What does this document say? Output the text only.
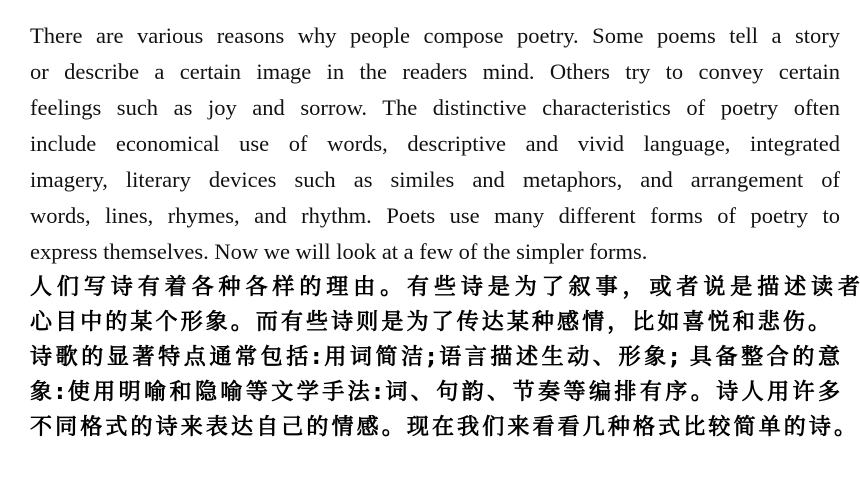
There are various reasons why people compose poetry. Some poems tell a story
or describe a certain image in the readers mind. Others try to convey certain
feelings such as joy and sorrow. The distinctive characteristics of poetry often
include economical use of words, descriptive and vivid language, integrated
imagery, literary devices such as similes and metaphors, and arrangement of
words, lines, rhymes, and rhythm. Poets use many different forms of poetry to
express themselves. Now we will look at a few of the simpler forms.
人们写诗有着各种各样的理由。有些诗是为了叙事，或者说是描述读者
心目中的某个形象。而有些诗则是为了传达某种感情，比如喜悦和悲伤。
诗歌的显著特点通常包括:用词简洁;语言描述生动、形象; 具备整合的意
象:使用明喻和隐喻等文学手法:词、句韵、节奏等编排有序。诗人用许多
不同格式的诗来表达自己的情感。现在我们来看看几种格式比较简单的诗。
